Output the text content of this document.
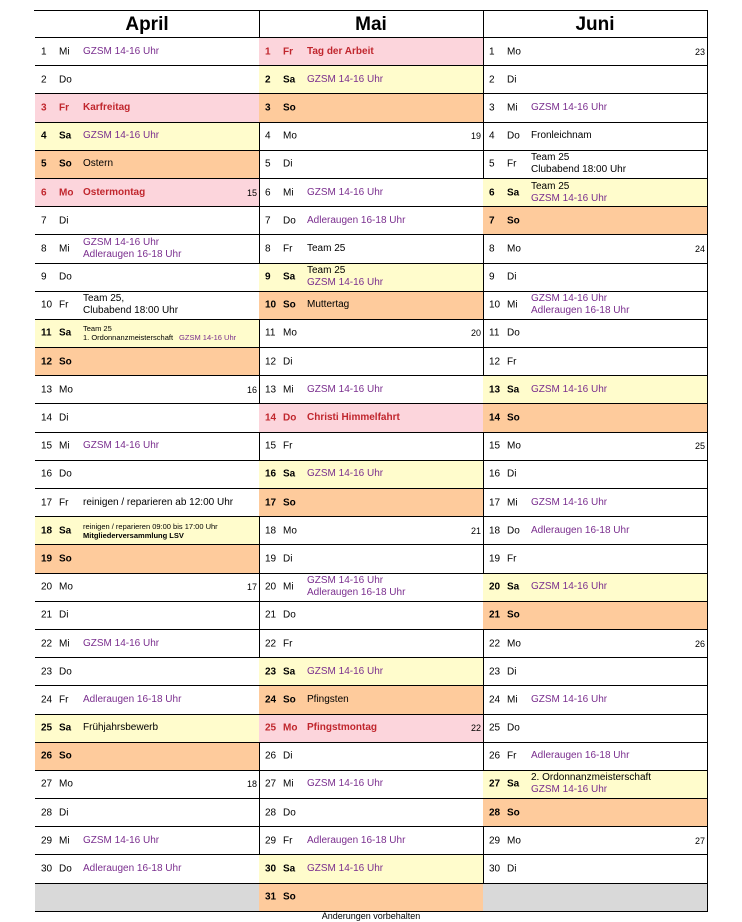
April
1 Mi GZSM 14-16 Uhr
2 Do
3 Fr Karfreitag
4 Sa GZSM 14-16 Uhr
5 So Ostern
6 Mo Ostermontag	15
7 Di
8 Mi
GZSM 14-16 Uhr
Adleraugen 16-18 Uhr
9 Do
10 Fr
Team 25,
Clubabend 18:00 Uhr
11 Sa Team 25
1. Ordonnanzmeisterschaft GZSM 14-16 Uhr
12 So
13 Mo	16
14 Di
15 Mi GZSM 14-16 Uhr
16 Do
17 Fr reinigen / reparieren ab 12:00 Uhr
18 Sa reinigen / reparieren 09:00 bis 17:00 Uhr
Mitgliederversammlung LSV
19 So
20 Mo	17
21 Di
22 Mi GZSM 14-16 Uhr
23 Do
24 Fr Adleraugen 16-18 Uhr
25 Sa Frühjahrsbewerb
26 So
27 Mo	18
28 Di
29 Mi GZSM 14-16 Uhr
30 Do Adleraugen 16-18 Uhr
Mai
1 Fr Tag der Arbeit
2 Sa GZSM 14-16 Uhr
3 So
4 Mo	19
5 Di
6 Mi GZSM 14-16 Uhr
7 Do Adleraugen 16-18 Uhr
8 Fr Team 25
9 Sa
Team 25
GZSM 14-16 Uhr
10 So Muttertag
11 Mo	20
12 Di
13 Mi GZSM 14-16 Uhr
14 Do Christi Himmelfahrt
15 Fr
16 Sa GZSM 14-16 Uhr
17 So
18 Mo	21
19 Di
20 Mi
GZSM 14-16 Uhr
Adleraugen 16-18 Uhr
21 Do
22 Fr
23 Sa GZSM 14-16 Uhr
24 So Pfingsten
25 Mo Pfingstmontag	22
26 Di
27 Mi GZSM 14-16 Uhr
28 Do
29 Fr Adleraugen 16-18 Uhr
30 Sa GZSM 14-16 Uhr
31 So
Juni
1 Mo	23
2 Di
3 Mi GZSM 14-16 Uhr
4 Do Fronleichnam
5 Fr
Team 25
Clubabend 18:00 Uhr
6 Sa
Team 25
GZSM 14-16 Uhr
7 So
8 Mo	24
9 Di
10 Mi
GZSM 14-16 Uhr
Adleraugen 16-18 Uhr
11 Do
12 Fr
13 Sa GZSM 14-16 Uhr
14 So
15 Mo	25
16 Di
17 Mi GZSM 14-16 Uhr
18 Do Adleraugen 16-18 Uhr
19 Fr
20 Sa GZSM 14-16 Uhr
21 So
22 Mo	26
23 Di
24 Mi GZSM 14-16 Uhr
25 Do
26 Fr Adleraugen 16-18 Uhr
27 Sa
2. Ordonnanzmeisterschaft
GZSM 14-16 Uhr
28 So
29 Mo	27
30 Di
Änderungen vorbehalten
